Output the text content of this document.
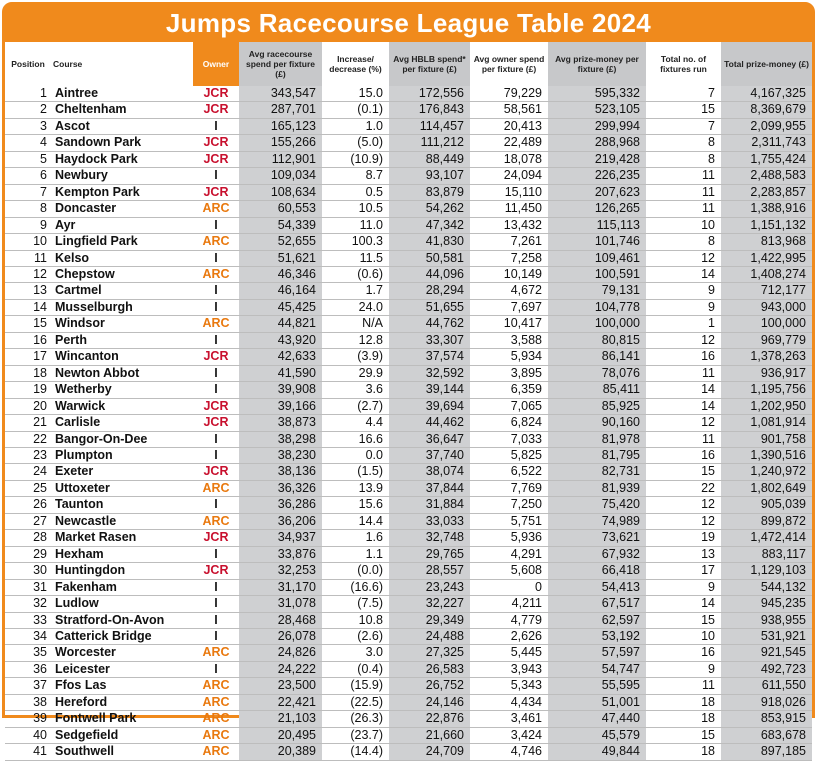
Jumps Racecourse League Table 2024
Position	Course	Owner	Avg racecourse spend per fixture (£)	Increase/ decrease (%)	Avg HBLB spend* per fixture (£)	Avg owner spend per fixture (£)	Avg prize-money per fixture (£)	Total no. of fixtures run	Total prize-money (£)
1	Aintree	JCR	343,547	15.0	172,556	79,229	595,332	7	4,167,325
2	Cheltenham	JCR	287,701	(0.1)	176,843	58,561	523,105	15	8,369,679
3	Ascot	I	165,123	1.0	114,457	20,413	299,994	7	2,099,955
4	Sandown Park	JCR	155,266	(5.0)	111,212	22,489	288,968	8	2,311,743
5	Haydock Park	JCR	112,901	(10.9)	88,449	18,078	219,428	8	1,755,424
6	Newbury	I	109,034	8.7	93,107	24,094	226,235	11	2,488,583
7	Kempton Park	JCR	108,634	0.5	83,879	15,110	207,623	11	2,283,857
8	Doncaster	ARC	60,553	10.5	54,262	11,450	126,265	11	1,388,916
9	Ayr	I	54,339	11.0	47,342	13,432	115,113	10	1,151,132
10	Lingfield Park	ARC	52,655	100.3	41,830	7,261	101,746	8	813,968
11	Kelso	I	51,621	11.5	50,581	7,258	109,461	12	1,422,995
12	Chepstow	ARC	46,346	(0.6)	44,096	10,149	100,591	14	1,408,274
13	Cartmel	I	46,164	1.7	28,294	4,672	79,131	9	712,177
14	Musselburgh	I	45,425	24.0	51,655	7,697	104,778	9	943,000
15	Windsor	ARC	44,821	N/A	44,762	10,417	100,000	1	100,000
16	Perth	I	43,920	12.8	33,307	3,588	80,815	12	969,779
17	Wincanton	JCR	42,633	(3.9)	37,574	5,934	86,141	16	1,378,263
18	Newton Abbot	I	41,590	29.9	32,592	3,895	78,076	11	936,917
19	Wetherby	I	39,908	3.6	39,144	6,359	85,411	14	1,195,756
20	Warwick	JCR	39,166	(2.7)	39,694	7,065	85,925	14	1,202,950
21	Carlisle	JCR	38,873	4.4	44,462	6,824	90,160	12	1,081,914
22	Bangor-On-Dee	I	38,298	16.6	36,647	7,033	81,978	11	901,758
23	Plumpton	I	38,230	0.0	37,740	5,825	81,795	16	1,390,516
24	Exeter	JCR	38,136	(1.5)	38,074	6,522	82,731	15	1,240,972
25	Uttoxeter	ARC	36,326	13.9	37,844	7,769	81,939	22	1,802,649
26	Taunton	I	36,286	15.6	31,884	7,250	75,420	12	905,039
27	Newcastle	ARC	36,206	14.4	33,033	5,751	74,989	12	899,872
28	Market Rasen	JCR	34,937	1.6	32,748	5,936	73,621	19	1,472,414
29	Hexham	I	33,876	1.1	29,765	4,291	67,932	13	883,117
30	Huntingdon	JCR	32,253	(0.0)	28,557	5,608	66,418	17	1,129,103
31	Fakenham	I	31,170	(16.6)	23,243	0	54,413	9	544,132
32	Ludlow	I	31,078	(7.5)	32,227	4,211	67,517	14	945,235
33	Stratford-On-Avon	I	28,468	10.8	29,349	4,779	62,597	15	938,955
34	Catterick Bridge	I	26,078	(2.6)	24,488	2,626	53,192	10	531,921
35	Worcester	ARC	24,826	3.0	27,325	5,445	57,597	16	921,545
36	Leicester	I	24,222	(0.4)	26,583	3,943	54,747	9	492,723
37	Ffos Las	ARC	23,500	(15.9)	26,752	5,343	55,595	11	611,550
38	Hereford	ARC	22,421	(22.5)	24,146	4,434	51,001	18	918,026
39	Fontwell Park	ARC	21,103	(26.3)	22,876	3,461	47,440	18	853,915
40	Sedgefield	ARC	20,495	(23.7)	21,660	3,424	45,579	15	683,678
41	Southwell	ARC	20,389	(14.4)	24,709	4,746	49,844	18	897,185
